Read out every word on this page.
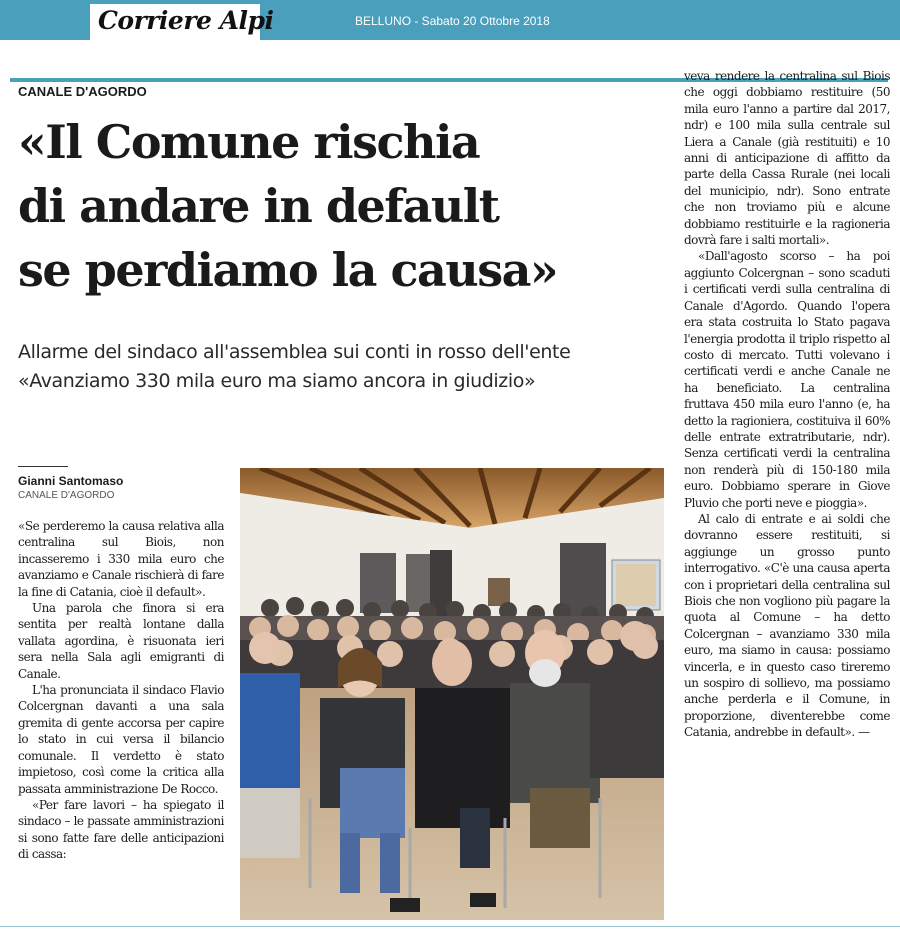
Corriere Alpi	BELLUNO - Sabato 20 Ottobre 2018
CANALE D'AGORDO
«Il Comune rischia
di andare in default
se perdiamo la causa»
Allarme del sindaco all'assemblea sui conti in rosso dell'ente
«Avanziamo 330 mila euro ma siamo ancora in giudizio»
Gianni Santomaso
CANALE D'AGORDO

«Se perderemo la causa relativa alla centralina sul Biois, non incasseremo i 330 mila euro che avanziamo e Canale rischierà di fare la fine di Catania, cioè il default».

Una parola che finora si era sentita per realtà lontane dalla vallata agordina, è risuonata ieri sera nella Sala agli emigranti di Canale.

L'ha pronunciata il sindaco Flavio Colcergnan davanti a una sala gremita di gente accorsa per capire lo stato in cui versa il bilancio comunale. Il verdetto è stato impietoso, così come la critica alla passata amministrazione De Rocco.

«Per fare lavori – ha spiegato il sindaco – le passate amministrazioni si sono fatte fare delle anticipazioni di cassa:

veva rendere la centralina sul Biois che oggi dobbiamo restituire (50 mila euro l'anno a partire dal 2017, ndr) e 100 mila sulla centrale sul Liera a Canale (già restituiti) e 10 anni di anticipazione di affitto da parte della Cassa Rurale (nei locali del municipio, ndr). Sono entrate che non troviamo più e alcune dobbiamo restituirle e la ragioneria dovrà fare i salti mortali».

«Dall'agosto scorso – ha poi aggiunto Colcergnan – sono scaduti i certificati verdi sulla centralina di Canale d'Agordo. Quando l'opera era stata costruita lo Stato pagava l'energia prodotta il triplo rispetto al costo di mercato. Tutti volevano i certificati verdi e anche Canale ne ha beneficiato. La centralina fruttava 450 mila euro l'anno (e, ha detto la ragioniera, costituiva il 60% delle entrate extratributarie, ndr). Senza certificati verdi la centralina non renderà più di 150-180 mila euro. Dobbiamo sperare in Giove Pluvio che porti neve e pioggia».

Al calo di entrate e ai soldi che dovranno essere restituiti, si aggiunge un grosso punto interrogativo. «C'è una causa aperta con i proprietari della centralina sul Biois che non vogliono più pagare la quota al Comune – ha detto Colcergnan – avanziamo 330 mila euro, ma siamo in causa: possiamo vincerla, e in questo caso tireremo un sospiro di sollievo, ma possiamo anche perderla e il Comune, in proporzione, diventerebbe come Catania, andrebbe in default». —
